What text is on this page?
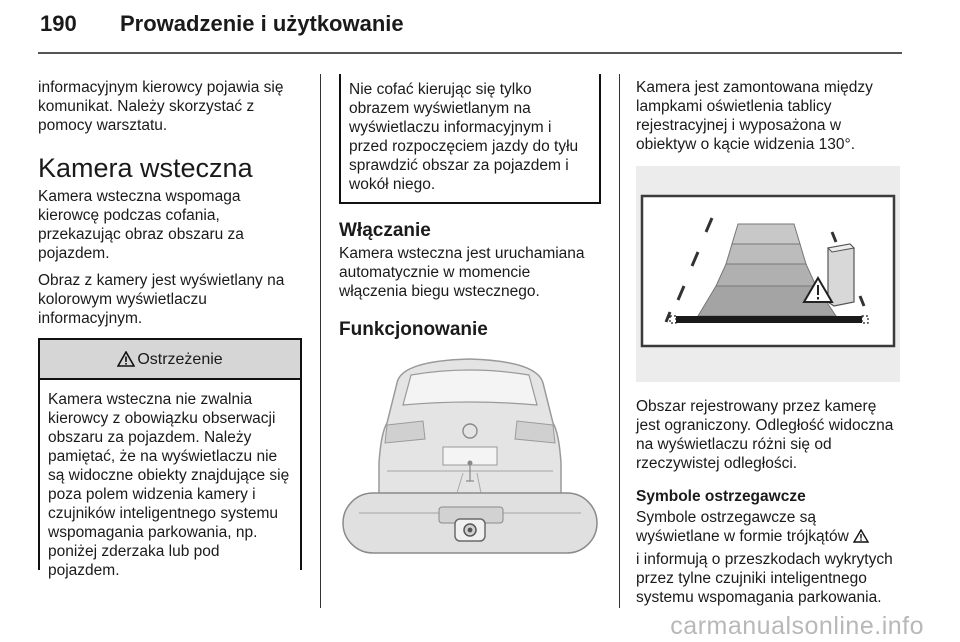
190 Prowadzenie i użytkowanie

informacyjnym kierowcy pojawia się komunikat. Należy skorzystać z pomocy warsztatu.

Kamera wsteczna

Kamera wsteczna wspomaga kierowcę podczas cofania, przekazując obraz obszaru za pojazdem.

Obraz z kamery jest wyświetlany na kolorowym wyświetlaczu informacyjnym.

Ostrzeżenie
Kamera wsteczna nie zwalnia kierowcy z obowiązku obserwacji obszaru za pojazdem. Należy pamiętać, że na wyświetlaczu nie są widoczne obiekty znajdujące się poza polem widzenia kamery i czujników inteligentnego systemu wspomagania parkowania, np. poniżej zderzaka lub pod pojazdem.
Nie cofać kierując się tylko obrazem wyświetlanym na wyświetlaczu informacyjnym i przed rozpoczęciem jazdy do tyłu sprawdzić obszar za pojazdem i wokół niego.
Włączanie

Kamera wsteczna jest uruchamiana automatycznie w momencie włączenia biegu wstecznego.

Funkcjonowanie

Kamera jest zamontowana między lampkami oświetlenia tablicy rejestracyjnej i wyposażona w obiektyw o kącie widzenia 130°.

Obszar rejestrowany przez kamerę jest ograniczony. Odległość widoczna na wyświetlaczu różni się od rzeczywistej odległości.

Symbole ostrzegawcze

Symbole ostrzegawcze są wyświetlane w formie trójkątów

i informują o przeszkodach wykrytych przez tylne czujniki inteligentnego systemu wspomagania parkowania.

carmanualsonline.info
